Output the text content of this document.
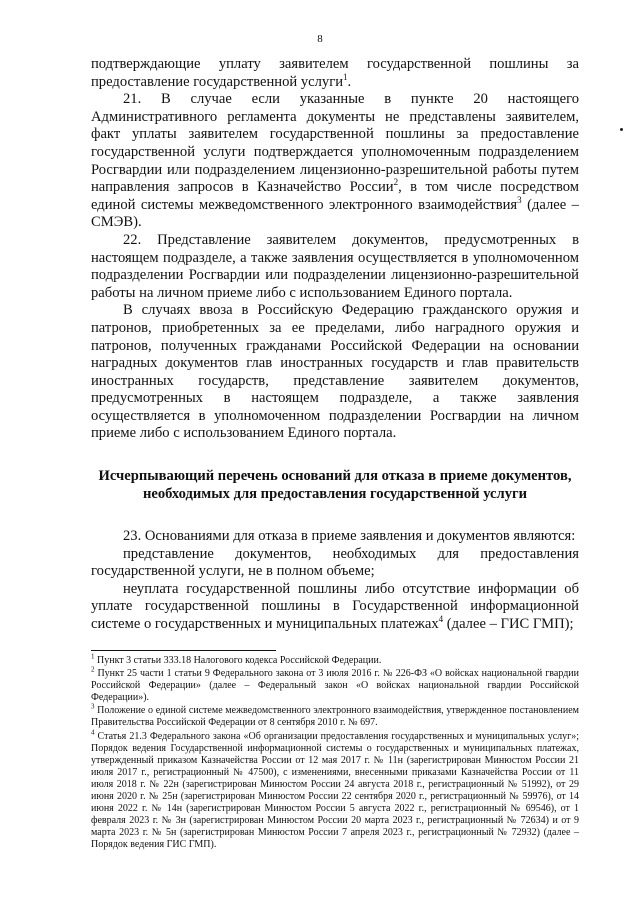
8

подтверждающие уплату заявителем государственной пошлины за предоставление государственной услуги$^1$.

21. В случае если указанные в пункте 20 настоящего Административного регламента документы не представлены заявителем, факт уплаты заявителем государственной пошлины за предоставление государственной услуги подтверждается уполномоченным подразделением Росгвардии или подразделением лицензионно-разрешительной работы путем направления запросов в Казначейство России$^2$, в том числе посредством единой системы межведомственного электронного взаимодействия$^3$ (далее – СМЭВ).

22. Представление заявителем документов, предусмотренных в настоящем подразделе, а также заявления осуществляется в уполномоченном подразделении Росгвардии или подразделении лицензионно-разрешительной работы на личном приеме либо с использованием Единого портала.

В случаях ввоза в Российскую Федерацию гражданского оружия и патронов, приобретенных за ее пределами, либо наградного оружия и патронов, полученных гражданами Российской Федерации на основании наградных документов глав иностранных государств и глав правительств иностранных государств, представление заявителем документов, предусмотренных в настоящем подразделе, а также заявления осуществляется в уполномоченном подразделении Росгвардии на личном приеме либо с использованием Единого портала.

Исчерпывающий перечень оснований для отказа в приеме документов,
необходимых для предоставления государственной услуги

23. Основаниями для отказа в приеме заявления и документов являются:

представление документов, необходимых для предоставления государственной услуги, не в полном объеме;

неуплата государственной пошлины либо отсутствие информации об уплате государственной пошлины в Государственной информационной системе о государственных и муниципальных платежах$^4$ (далее – ГИС ГМП);

$^1$ Пункт 3 статьи 333.18 Налогового кодекса Российской Федерации.

$^2$ Пункт 25 части 1 статьи 9 Федерального закона от 3 июля 2016 г. № 226-ФЗ «О войсках национальной гвардии Российской Федерации» (далее – Федеральный закон «О войсках национальной гвардии Российской Федерации»).

$^3$ Положение о единой системе межведомственного электронного взаимодействия, утвержденное постановлением Правительства Российской Федерации от 8 сентября 2010 г. № 697.

$^4$ Статья 21.3 Федерального закона «Об организации предоставления государственных и муниципальных услуг»; Порядок ведения Государственной информационной системы о государственных и муниципальных платежах, утвержденный приказом Казначейства России от 12 мая 2017 г. № 11н (зарегистрирован Минюстом России 21 июля 2017 г., регистрационный № 47500), с изменениями, внесенными приказами Казначейства России от 11 июля 2018 г. № 22н (зарегистрирован Минюстом России 24 августа 2018 г., регистрационный № 51992), от 29 июня 2020 г. № 25н (зарегистрирован Минюстом России 22 сентября 2020 г., регистрационный № 59976), от 14 июня 2022 г. № 14н (зарегистрирован Минюстом России 5 августа 2022 г., регистрационный № 69546), от 1 февраля 2023 г. № 3н (зарегистрирован Минюстом России 20 марта 2023 г., регистрационный № 72634) и от 9 марта 2023 г. № 5н (зарегистрирован Минюстом России 7 апреля 2023 г., регистрационный № 72932) (далее – Порядок ведения ГИС ГМП).
